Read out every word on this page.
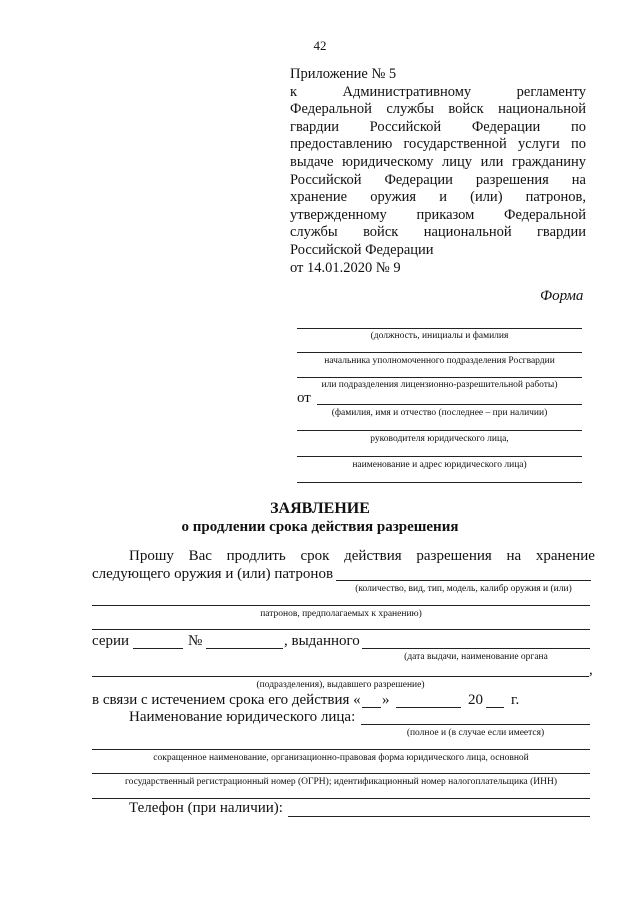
42
Приложение № 5
к	Административному	регламенту
Федеральной службы войск национальной
гвардии Российской Федерации по
предоставлению государственной услуги по
выдаче юридическому лицу или гражданину
Российской Федерации разрешения на
хранение оружия и (или) патронов,
утвержденному приказом Федеральной
службы войск национальной гвардии
Российской Федерации
от 14.01.2020 № 9
Форма
(должность, инициалы и фамилия
начальника уполномоченного подразделения Росгвардии
или подразделения лицензионно-разрешительной работы)
от
(фамилия, имя и отчество (последнее – при наличии)
руководителя юридического лица,
наименование и адрес юридического лица)
ЗАЯВЛЕНИЕ
о продлении срока действия разрешения
Прошу Вас продлить срок действия разрешения на хранение
следующего оружия и (или) патронов
(количество, вид, тип, модель, калибр оружия и (или)
патронов, предполагаемых к хранению)
серии	№	, выданного
(дата выдачи, наименование органа
,
(подразделения), выдавшего разрешение)
в связи с истечением срока его действия « »	20 г.
Наименование юридического лица:
(полное и (в случае если имеется)
сокращенное наименование, организационно-правовая форма юридического лица, основной
государственный регистрационный номер (ОГРН); идентификационный номер налогоплательщика (ИНН)
Телефон (при наличии):
